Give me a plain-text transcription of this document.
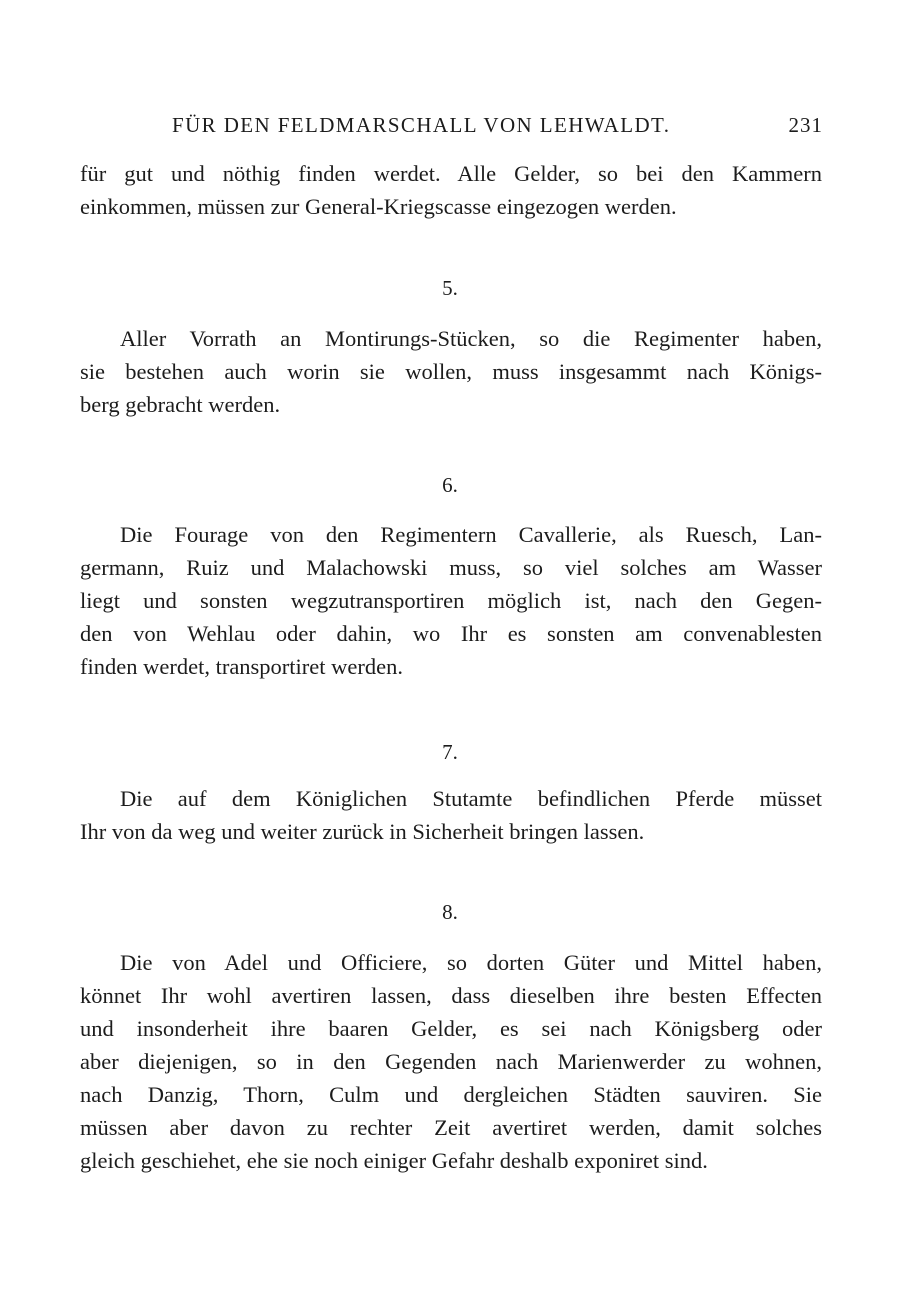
FÜR DEN FELDMARSCHALL VON LEHWALDT.	231
für gut und nöthig finden werdet. Alle Gelder, so bei den Kammern
einkommen, müssen zur General-Kriegscasse eingezogen werden.
5.
Aller Vorrath an Montirungs-Stücken, so die Regimenter haben,
sie bestehen auch worin sie wollen, muss insgesammt nach Königs-
berg gebracht werden.
6.
Die Fourage von den Regimentern Cavallerie, als Ruesch, Lan-
germann, Ruiz und Malachowski muss, so viel solches am Wasser
liegt und sonsten wegzutransportiren möglich ist, nach den Gegen-
den von Wehlau oder dahin, wo Ihr es sonsten am convenablesten
finden werdet, transportiret werden.
7.
Die auf dem Königlichen Stutamte befindlichen Pferde müsset
Ihr von da weg und weiter zurück in Sicherheit bringen lassen.
8.
Die von Adel und Officiere, so dorten Güter und Mittel haben,
könnet Ihr wohl avertiren lassen, dass dieselben ihre besten Effecten
und insonderheit ihre baaren Gelder, es sei nach Königsberg oder
aber diejenigen, so in den Gegenden nach Marienwerder zu wohnen,
nach Danzig, Thorn, Culm und dergleichen Städten sauviren. Sie
müssen aber davon zu rechter Zeit avertiret werden, damit solches
gleich geschiehet, ehe sie noch einiger Gefahr deshalb exponiret sind.
